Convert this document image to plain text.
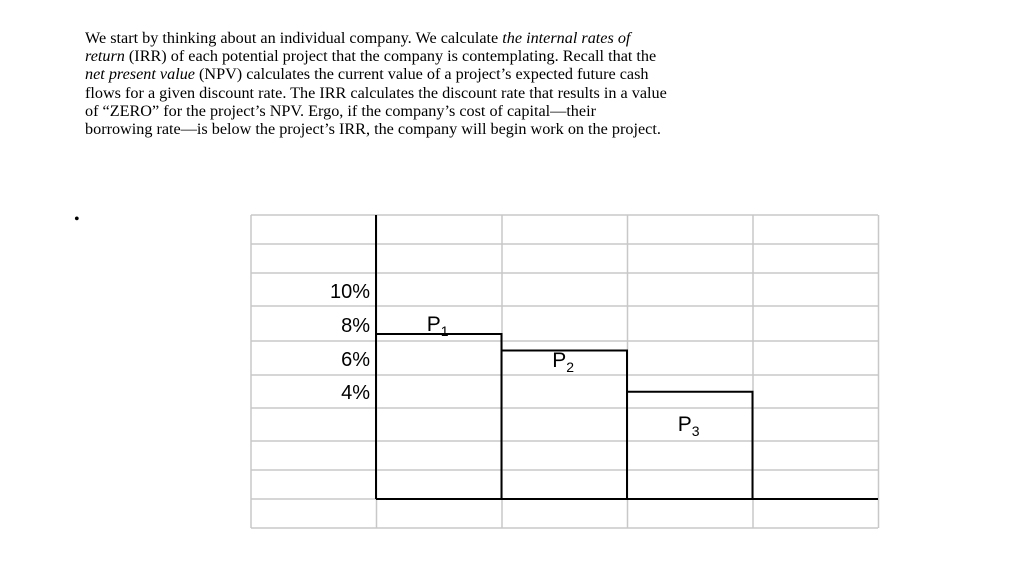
We start by thinking about an individual company. We calculate the internal rates of
return (IRR) of each potential project that the company is contemplating. Recall that the
net present value (NPV) calculates the current value of a project’s expected future cash
flows for a given discount rate. The IRR calculates the discount rate that results in a value
of “ZERO” for the project’s NPV. Ergo, if the company’s cost of capital—their
borrowing rate—is below the project’s IRR, the company will begin work on the project.
•
$P_1$
$P_2$
$P_3$
10%
8%
6%
4%
